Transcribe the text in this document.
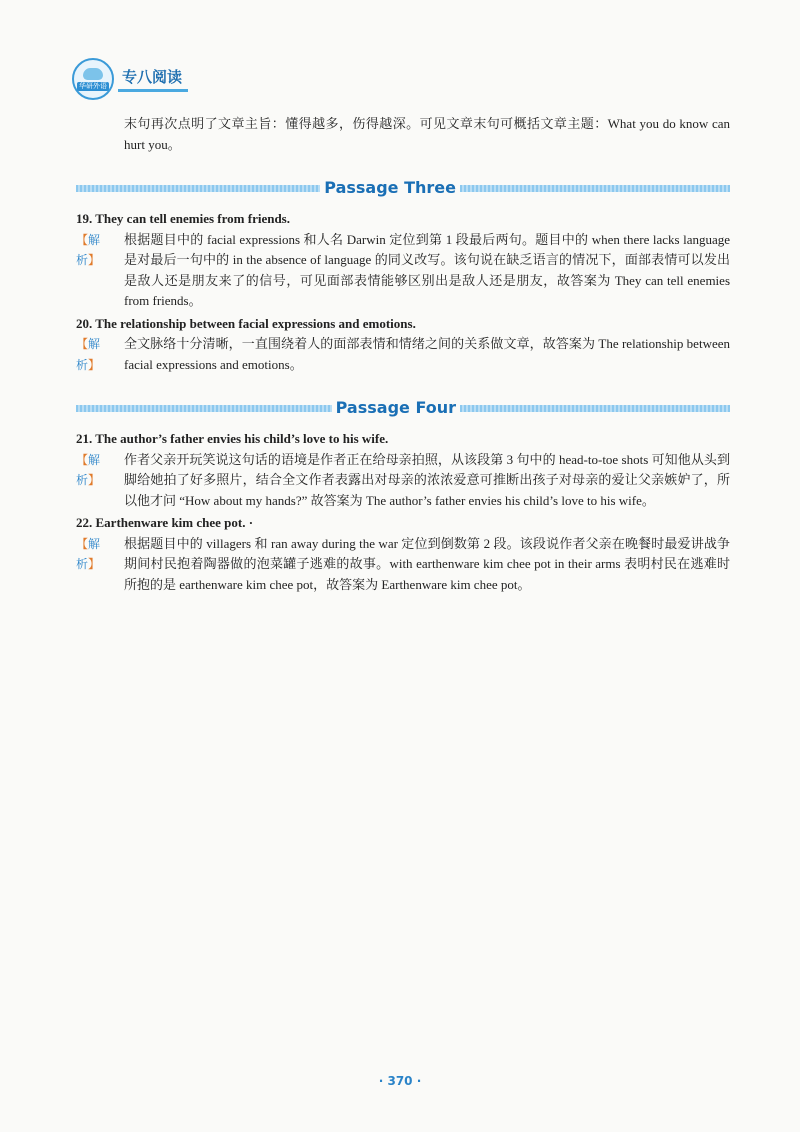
华研外语 专八阅读
末句再次点明了文章主旨：懂得越多，伤得越深。可见文章末句可概括文章主题：What you do know can hurt you。
Passage Three
19. They can tell enemies from friends.
【解析】
根据题目中的 facial expressions 和人名 Darwin 定位到第 1 段最后两句。题目中的 when there lacks language 是对最后一句中的 in the absence of language 的同义改写。该句说在缺乏语言的情况下，面部表情可以发出是敌人还是朋友来了的信号，可见面部表情能够区别出是敌人还是朋友，故答案为 They can tell enemies from friends。
20. The relationship between facial expressions and emotions.
【解析】
全文脉络十分清晰，一直围绕着人的面部表情和情绪之间的关系做文章，故答案为 The relationship between facial expressions and emotions。
Passage Four
21. The author’s father envies his child’s love to his wife.
【解析】
作者父亲开玩笑说这句话的语境是作者正在给母亲拍照，从该段第 3 句中的 head-to-toe shots 可知他从头到脚给她拍了好多照片，结合全文作者表露出对母亲的浓浓爱意可推断出孩子对母亲的爱让父亲嫉妒了，所以他才问 “How about my hands?” 故答案为 The author’s father envies his child’s love to his wife。
22. Earthenware kim chee pot. ·
【解析】
根据题目中的 villagers 和 ran away during the war 定位到倒数第 2 段。该段说作者父亲在晚餐时最爱讲战争期间村民抱着陶器做的泡菜罐子逃难的故事。with earthenware kim chee pot in their arms 表明村民在逃难时所抱的是 earthenware kim chee pot，故答案为 Earthenware kim chee pot。
· 370 ·
